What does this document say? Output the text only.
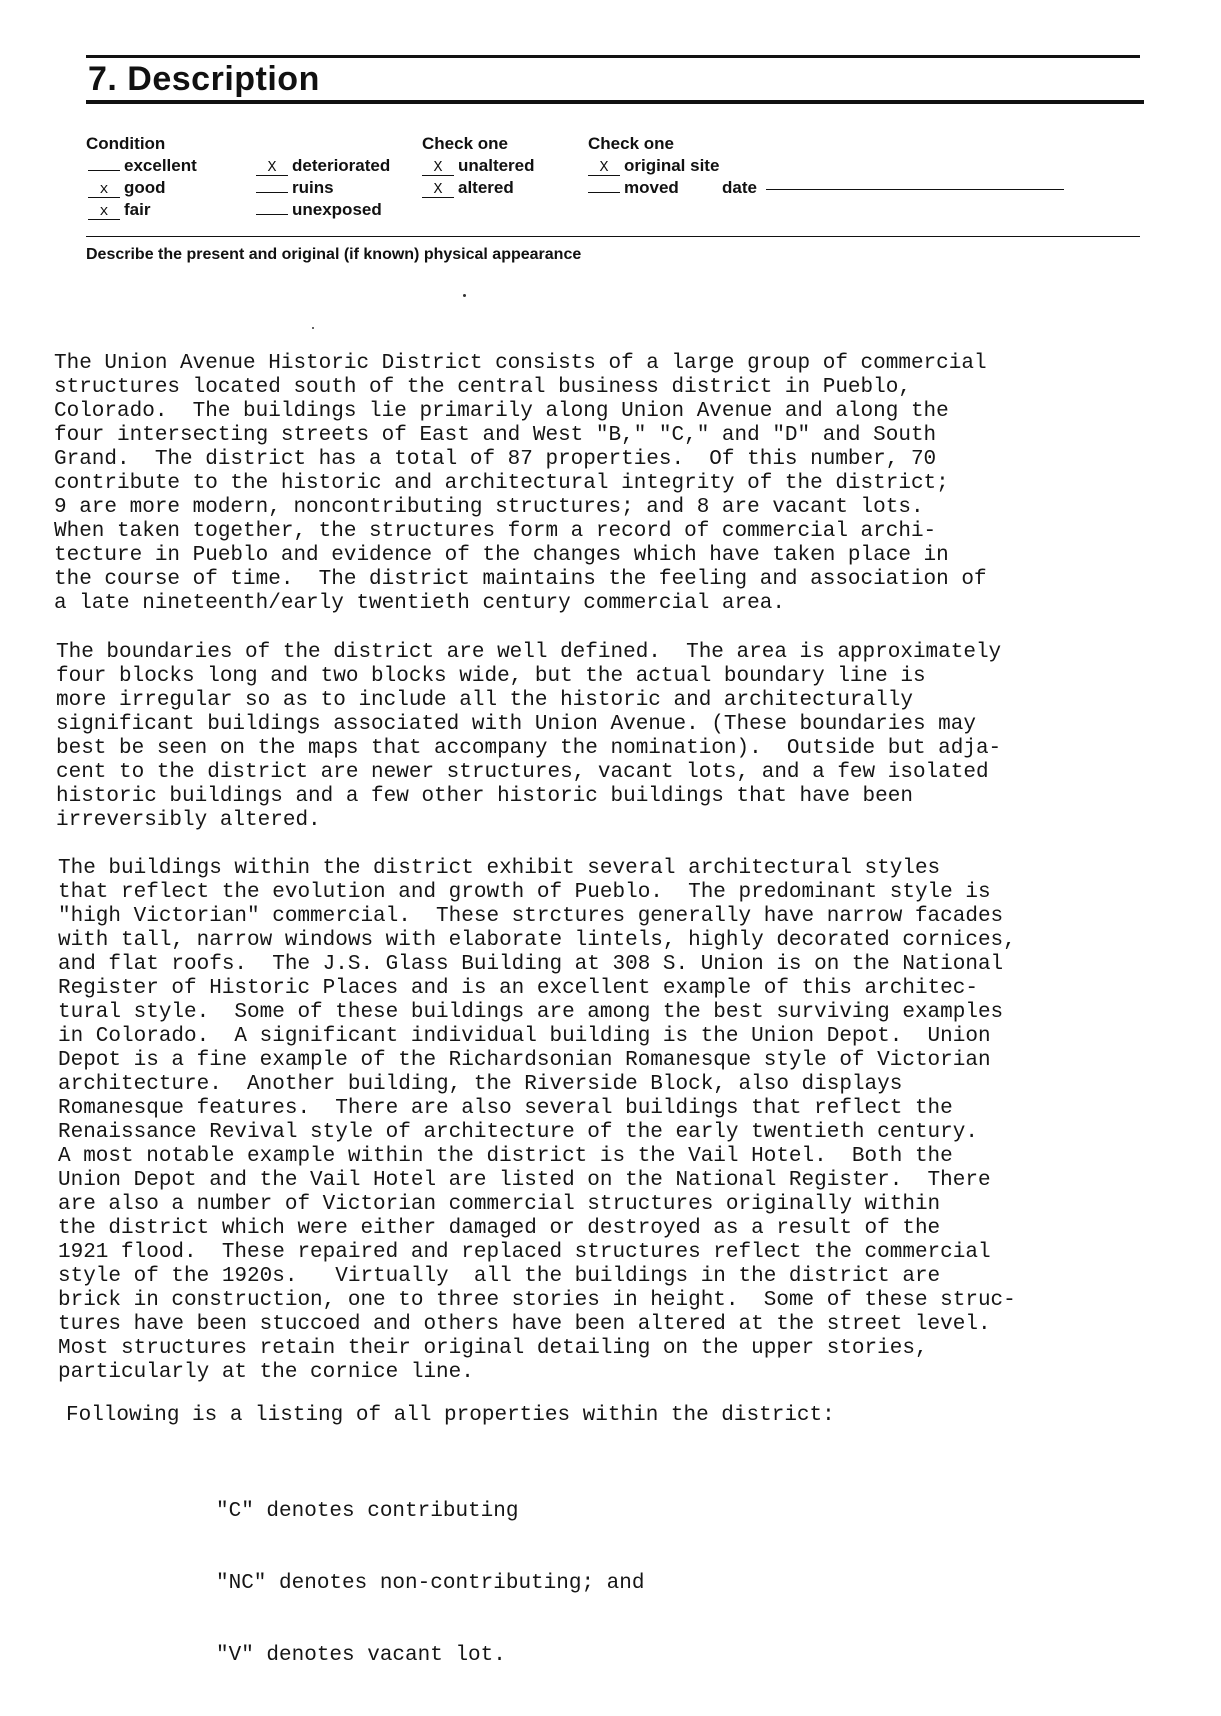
7. Description
Condition
excellent
x good
x fair
X deteriorated
ruins
unexposed
Check one
X unaltered
X altered
Check one
X original site
moved	date
Describe the present and original (if known) physical appearance
The Union Avenue Historic District consists of a large group of commercial
structures located south of the central business district in Pueblo,
Colorado.  The buildings lie primarily along Union Avenue and along the
four intersecting streets of East and West "B," "C," and "D" and South
Grand.  The district has a total of 87 properties.  Of this number, 70
contribute to the historic and architectural integrity of the district;
9 are more modern, noncontributing structures; and 8 are vacant lots.
When taken together, the structures form a record of commercial archi-
tecture in Pueblo and evidence of the changes which have taken place in
the course of time.  The district maintains the feeling and association of
a late nineteenth/early twentieth century commercial area.
The boundaries of the district are well defined.  The area is approximately
four blocks long and two blocks wide, but the actual boundary line is
more irregular so as to include all the historic and architecturally
significant buildings associated with Union Avenue. (These boundaries may
best be seen on the maps that accompany the nomination).  Outside but adja-
cent to the district are newer structures, vacant lots, and a few isolated
historic buildings and a few other historic buildings that have been
irreversibly altered.
The buildings within the district exhibit several architectural styles
that reflect the evolution and growth of Pueblo.  The predominant style is
"high Victorian" commercial.  These strctures generally have narrow facades
with tall, narrow windows with elaborate lintels, highly decorated cornices,
and flat roofs.  The J.S. Glass Building at 308 S. Union is on the National
Register of Historic Places and is an excellent example of this architec-
tural style.  Some of these buildings are among the best surviving examples
in Colorado.  A significant individual building is the Union Depot.  Union
Depot is a fine example of the Richardsonian Romanesque style of Victorian
architecture.  Another building, the Riverside Block, also displays
Romanesque features.  There are also several buildings that reflect the
Renaissance Revival style of architecture of the early twentieth century.
A most notable example within the district is the Vail Hotel.  Both the
Union Depot and the Vail Hotel are listed on the National Register.  There
are also a number of Victorian commercial structures originally within
the district which were either damaged or destroyed as a result of the
1921 flood.  These repaired and replaced structures reflect the commercial
style of the 1920s.   Virtually  all the buildings in the district are
brick in construction, one to three stories in height.  Some of these struc-
tures have been stuccoed and others have been altered at the street level.
Most structures retain their original detailing on the upper stories,
particularly at the cornice line.
Following is a listing of all properties within the district:

"C" denotes contributing

"NC" denotes non-contributing; and

"V" denotes vacant lot.
